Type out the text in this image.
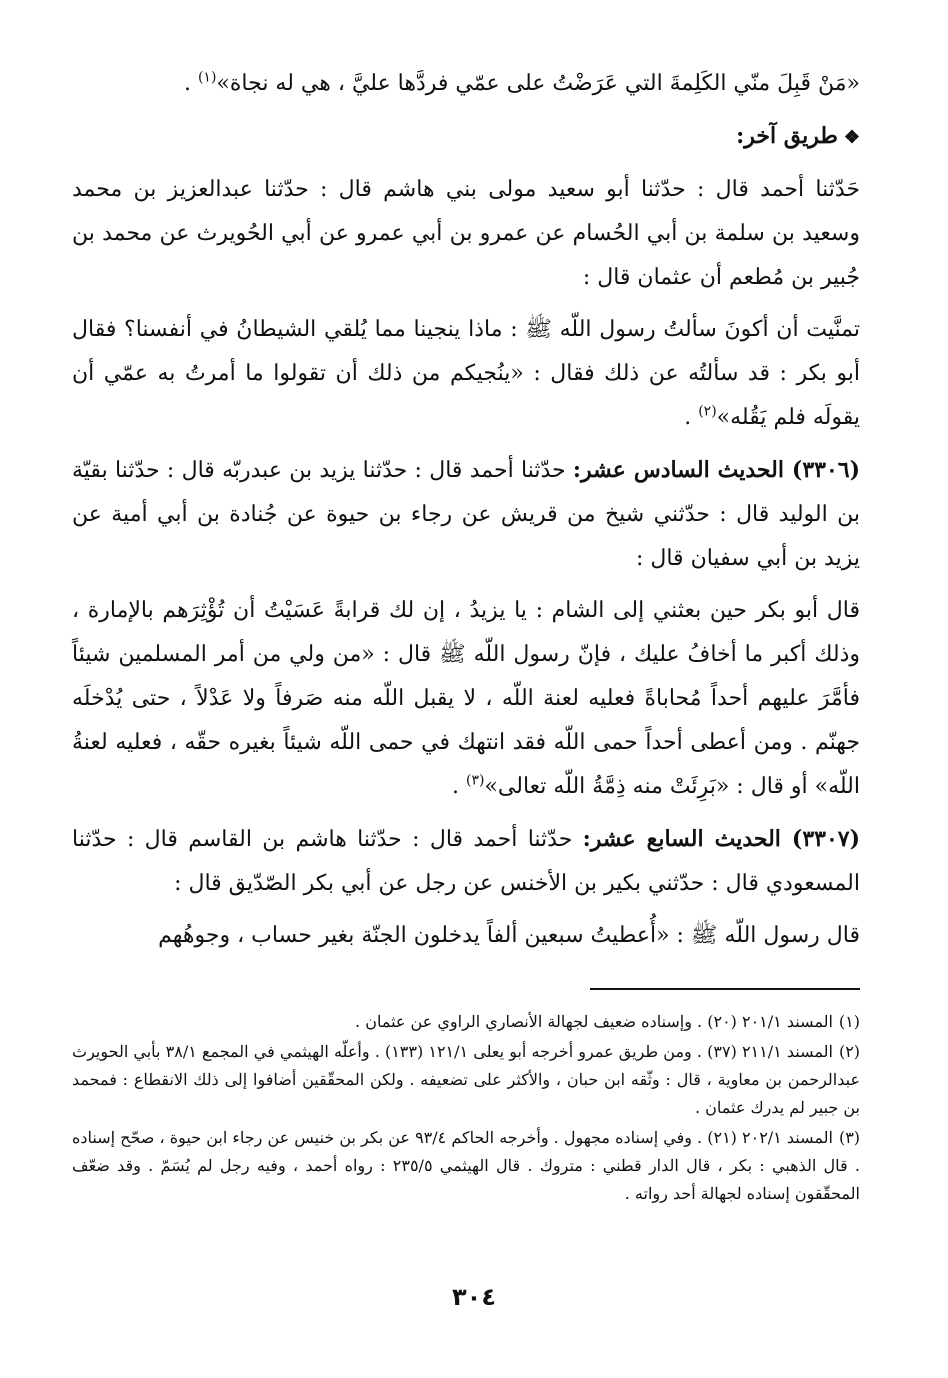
«مَنْ قَبِلَ منّي الكَلِمةَ التي عَرَضْتُ على عمّي فردَّها عليَّ ، هي له نجاة»$^{(١)}$ .

❖طريق آخر:

حَدّثنا أحمد قال : حدّثنا أبو سعيد مولى بني هاشم قال : حدّثنا عبدالعزيز بن محمد وسعيد بن سلمة بن أبي الحُسام عن عمرو بن أبي عمرو عن أبي الحُويرث عن محمد بن جُبير بن مُطعم أن عثمان قال :

تمنَّيت أن أكونَ سألتُ رسول اللّه ﷺ : ماذا ينجينا مما يُلقي الشيطانُ في أنفسنا؟ فقال أبو بكر : قد سألتُه عن ذلك فقال : «ينُجيكم من ذلك أن تقولوا ما أمرتُ به عمّي أن يقولَه فلم يَقُله»$^{(٢)}$ .

(٣٣٠٦) الحديث السادس عشر: حدّثنا أحمد قال : حدّثنا يزيد بن عبدربّه قال : حدّثنا بقيّة بن الوليد قال : حدّثني شيخ من قريش عن رجاء بن حيوة عن جُنادة بن أبي أمية عن يزيد بن أبي سفيان قال :

قال أبو بكر حين بعثني إلى الشام : يا يزيدُ ، إن لك قرابةً عَسَيْتُ أن تُؤْثِرَهم بالإمارة ، وذلك أكبر ما أخافُ عليك ، فإنّ رسول اللّه ﷺ قال : «من ولي من أمر المسلمين شيئاً فأمَّرَ عليهم أحداً مُحاباةً فعليه لعنة اللّه ، لا يقبل اللّه منه صَرفاً ولا عَدْلاً ، حتى يُدْخلَه جهنّم . ومن أعطى أحداً حمى اللّه فقد انتهك في حمى اللّه شيئاً بغيره حقّه ، فعليه لعنةُ اللّه» أو قال : «بَرِئَتْ منه ذِمَّةُ اللّه تعالى»$^{(٣)}$ .

(٣٣٠٧) الحديث السابع عشر: حدّثنا أحمد قال : حدّثنا هاشم بن القاسم قال : حدّثنا المسعودي قال : حدّثني بكير بن الأخنس عن رجل عن أبي بكر الصّدّيق قال :

قال رسول اللّه ﷺ : «أُعطيتُ سبعين ألفاً يدخلون الجنّة بغير حساب ، وجوهُهم

(١)المسند ٢٠١/١ (٢٠) . وإسناده ضعيف لجهالة الأنصاري الراوي عن عثمان .

(٢)المسند ٢١١/١ (٣٧) . ومن طريق عمرو أخرجه أبو يعلى ١٢١/١ (١٣٣) . وأعلّه الهيثمي في المجمع ٣٨/١ بأبي الحويرث عبدالرحمن بن معاوية ، قال : وثّقه ابن حبان ، والأكثر على تضعيفه . ولكن المحقّقين أضافوا إلى ذلك الانقطاع : فمحمد بن جبير لم يدرك عثمان .

(٣)المسند ٢٠٢/١ (٢١) . وفي إسناده مجهول . وأخرجه الحاكم ٩٣/٤ عن بكر بن خنيس عن رجاء ابن حيوة ، صحّح إسناده . قال الذهبي : بكر ، قال الدار قطني : متروك . قال الهيثمي ٢٣٥/٥ : رواه أحمد ، وفيه رجل لم يُسَمّ . وقد ضعّف المحقّقون إسناده لجهالة أحد رواته .

٣٠٤
